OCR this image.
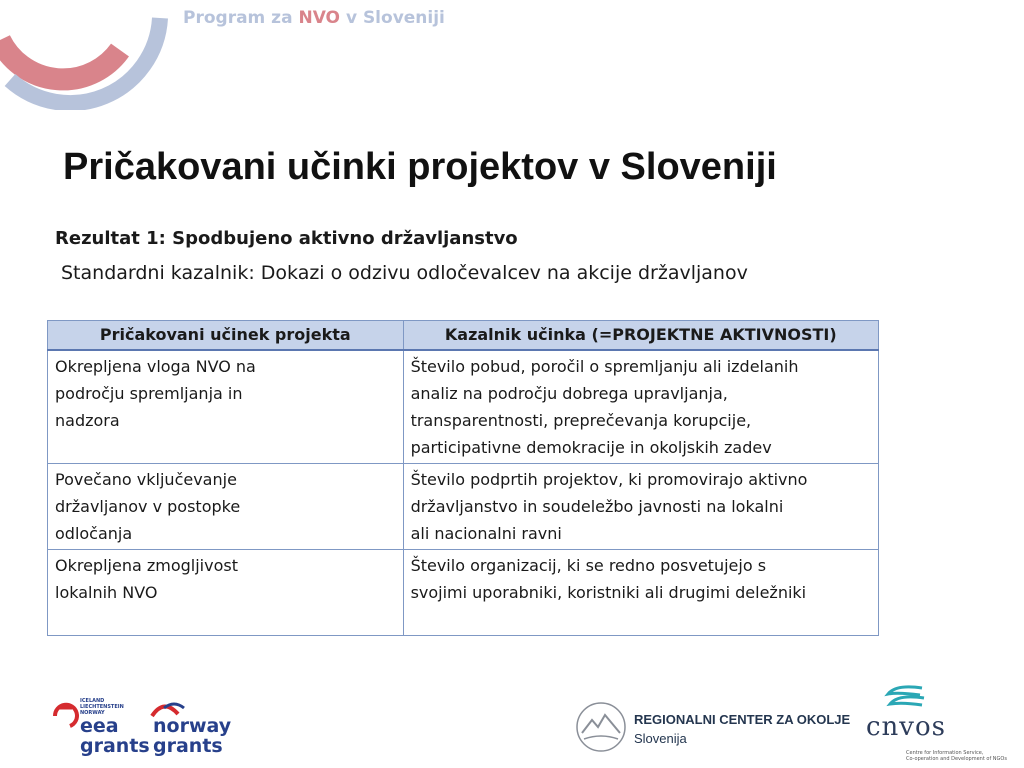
Program za NVO v Sloveniji
Pričakovani učinki projektov v Sloveniji
Rezultat 1: Spodbujeno aktivno državljanstvo
Standardni kazalnik: Dokazi o odzivu odločevalcev na akcije državljanov
Pričakovani učinek projekta	Kazalnik učinka (=PROJEKTNE AKTIVNOSTI)

Okrepljena vloga NVO na
področju spremljanja in
nadzora	Število pobud, poročil o spremljanju ali izdelanih
analiz na področju dobrega upravljanja,
transparentnosti, preprečevanja korupcije,
participativne demokracije in okoljskih zadev

Povečano vključevanje
državljanov v postopke
odločanja	Število podprtih projektov, ki promovirajo aktivno
državljanstvo in soudeležbo javnosti na lokalni
ali nacionalni ravni

Okrepljena zmogljivost
lokalnih NVO	Število organizacij, ki se redno posvetujejo s
svojimi uporabniki, koristniki ali drugimi deležniki
ICELAND
LIECHTENSTEIN
NORWAY
eea
grants
norway
grants
REGIONALNI CENTER ZA OKOLJE
Slovenija	cnvos
Centre for Information Service,
Co-operation and Development of NGOs
